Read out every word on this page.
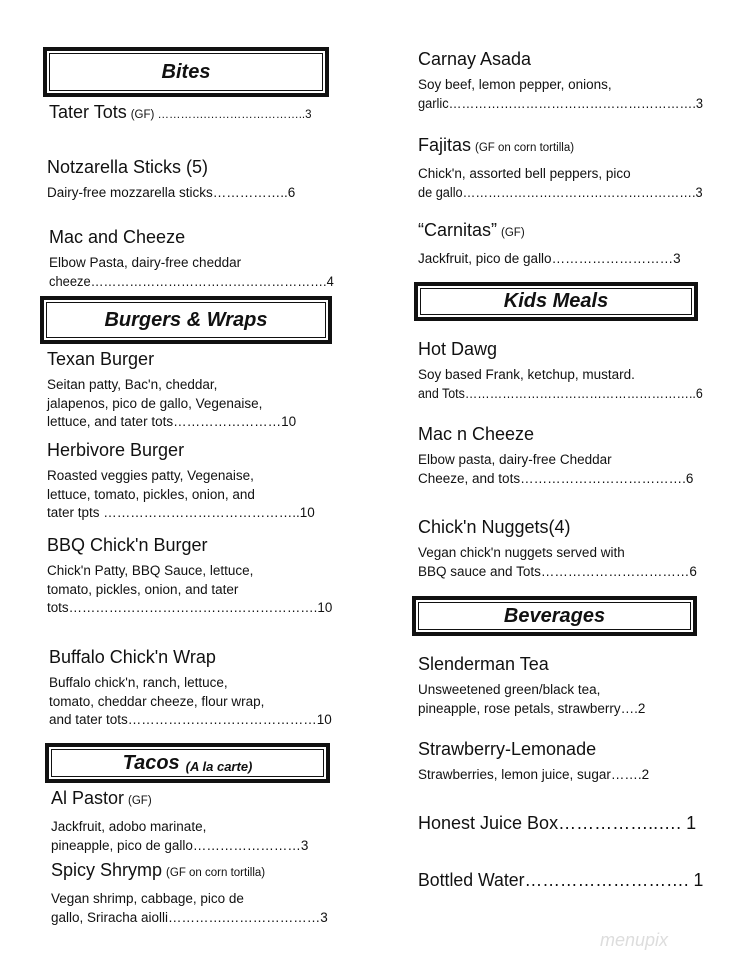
menupix
Bites
Burgers & Wraps
Tacos (A la carte)
Kids Meals
Beverages
Tater Tots (GF) ………….……………………..3
Notzarella Sticks (5)
Dairy-free mozzarella sticks……………..6
Mac and Cheeze
Elbow Pasta, dairy-free cheddar
cheeze……………………………………………….4
Texan Burger
Seitan patty, Bac'n, cheddar,
jalapenos, pico de gallo, Vegenaise,
lettuce, and tater tots……………………10
Herbivore Burger
Roasted veggies patty, Vegenaise,
lettuce, tomato, pickles, onion, and
tater tpts ……………………………………..10
BBQ Chick'n Burger
Chick'n Patty, BBQ Sauce, lettuce,
tomato, pickles, onion, and tater
tots……………………………….……………….10
Buffalo Chick'n Wrap
Buffalo chick'n, ranch, lettuce,
tomato, cheddar cheeze, flour wrap,
and tater tots……………………………………10
Al Pastor (GF)
Jackfruit, adobo marinate,
pineapple, pico de gallo……………………3
Spicy Shrymp (GF on corn tortilla)
Vegan shrimp, cabbage, pico de
gallo, Sriracha aiolli………….…………………3
Carnay Asada
Soy beef, lemon pepper, onions,
garlic………………………………………………….3
Fajitas (GF on corn tortilla)
Chick'n, assorted bell peppers, pico
de gallo……………………………………………….3
“Carnitas” (GF)
Jackfruit, pico de gallo………………………3
Hot Dawg
Soy based Frank, ketchup, mustard.
and Tots………………………………………………..6
Mac n Cheeze
Elbow pasta, dairy-free Cheddar
Cheeze, and tots……………………………….6
Chick'n Nuggets(4)
Vegan chick'n nuggets served with
BBQ sauce and Tots……………………………6
Slenderman Tea
Unsweetened green/black tea,
pineapple, rose petals, strawberry….2
Strawberry-Lemonade
Strawberries, lemon juice, sugar…….2
Honest Juice Box……………..…. 1
Bottled Water………………………. 1
